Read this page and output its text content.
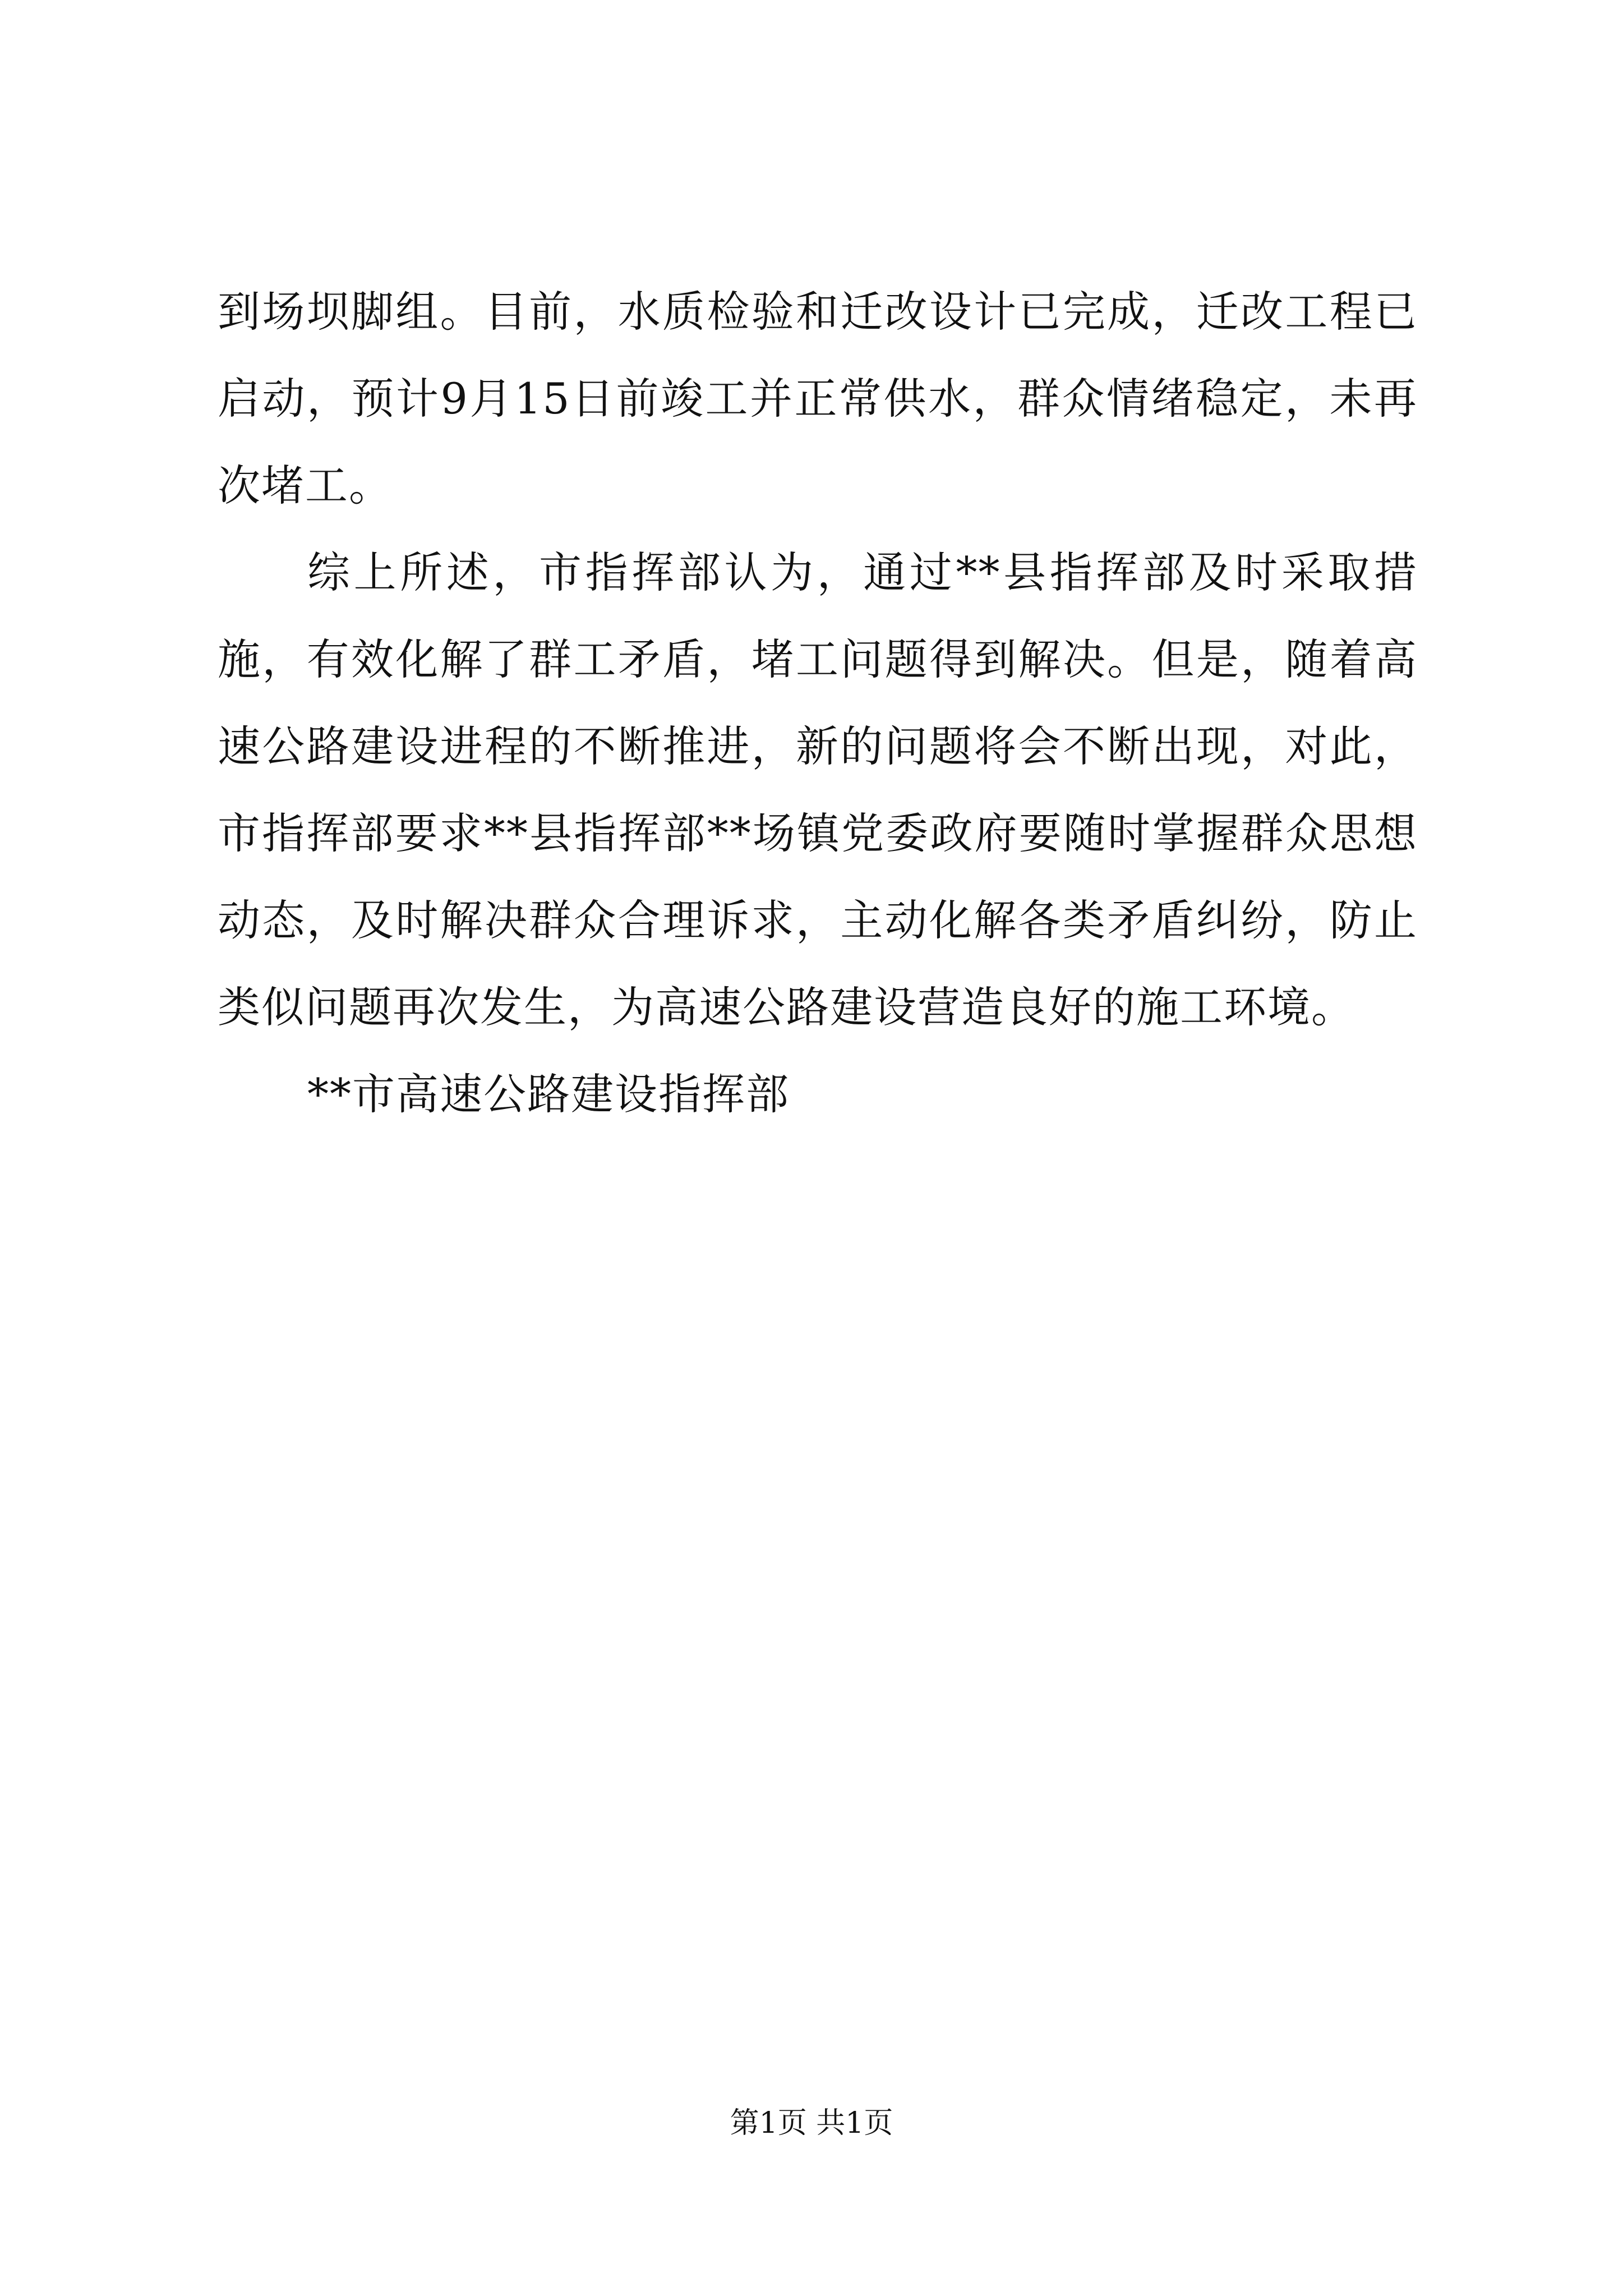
到场坝脚组。目前，水质检验和迁改设计已完成，迁改工程已启动，预计9月15日前竣工并正常供水，群众情绪稳定，未再次堵工。

综上所述，市指挥部认为，通过**县指挥部及时采取措施，有效化解了群工矛盾，堵工问题得到解决。但是，随着高速公路建设进程的不断推进，新的问题将会不断出现，对此，市指挥部要求**县指挥部**场镇党委政府要随时掌握群众思想动态，及时解决群众合理诉求，主动化解各类矛盾纠纷，防止类似问题再次发生，为高速公路建设营造良好的施工环境。

**市高速公路建设指挥部

第1页 共1页
